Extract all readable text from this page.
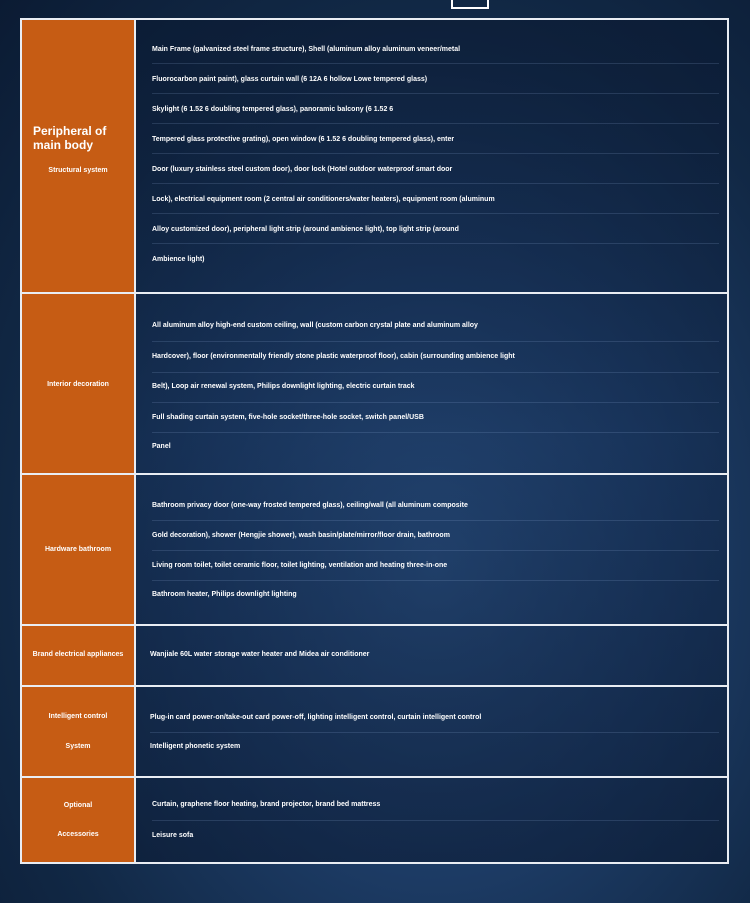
Peripheral of main body
Structural system
Main Frame (galvanized steel frame structure), Shell (aluminum alloy aluminum veneer/metal
Fluorocarbon paint paint), glass curtain wall (6 12A 6 hollow Lowe tempered glass)
Skylight (6 1.52 6 doubling tempered glass), panoramic balcony (6 1.52 6
Tempered glass protective grating), open window (6 1.52 6 doubling tempered glass), enter
Door (luxury stainless steel custom door), door lock (Hotel outdoor waterproof smart door
Lock), electrical equipment room (2 central air conditioners/water heaters), equipment room (aluminum
Alloy customized door), peripheral light strip (around ambience light), top light strip (around
Ambience light)
Interior decoration
All aluminum alloy high-end custom ceiling, wall (custom carbon crystal plate and aluminum alloy
Hardcover), floor (environmentally friendly stone plastic waterproof floor), cabin (surrounding ambience light
Belt), Loop air renewal system, Philips downlight lighting, electric curtain track
Full shading curtain system, five-hole socket/three-hole socket, switch panel/USB
Panel
Hardware bathroom
Bathroom privacy door (one-way frosted tempered glass), ceiling/wall (all aluminum composite
Gold decoration), shower (Hengjie shower), wash basin/plate/mirror/floor drain, bathroom
Living room toilet, toilet ceramic floor, toilet lighting, ventilation and heating three-in-one
Bathroom heater, Philips downlight lighting
Brand electrical appliances	Wanjiale 60L water storage water heater and Midea air conditioner
Intelligent control
System
Plug-in card power-on/take-out card power-off, lighting intelligent control, curtain intelligent control
Intelligent phonetic system
Optional
Accessories
Curtain, graphene floor heating, brand projector, brand bed mattress
Leisure sofa
